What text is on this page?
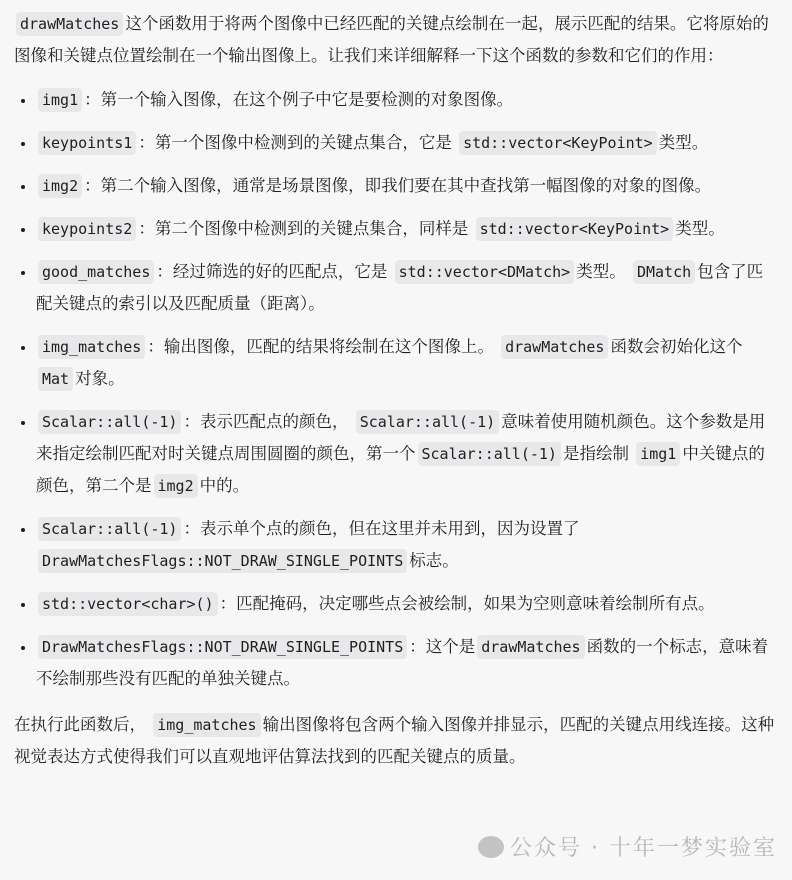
drawMatches 这个函数用于将两个图像中已经匹配的关键点绘制在一起，展示匹配的结果。它将原始的图像和关键点位置绘制在一个输出图像上。让我们来详细解释一下这个函数的参数和它们的作用：

• img1 ：第一个输入图像，在这个例子中它是要检测的对象图像。
• keypoints1 ：第一个图像中检测到的关键点集合，它是 std::vector<KeyPoint> 类型。
• img2 ：第二个输入图像，通常是场景图像，即我们要在其中查找第一幅图像的对象的图像。
• keypoints2 ：第二个图像中检测到的关键点集合，同样是 std::vector<KeyPoint> 类型。
• good_matches ：经过筛选的好的匹配点，它是 std::vector<DMatch> 类型。 DMatch 包含了匹配关键点的索引以及匹配质量（距离）。
• img_matches ：输出图像，匹配的结果将绘制在这个图像上。 drawMatches 函数会初始化这个Mat 对象。
• Scalar::all(-1) ：表示匹配点的颜色， Scalar::all(-1) 意味着使用随机颜色。这个参数是用来指定绘制匹配对时关键点周围圆圈的颜色，第一个 Scalar::all(-1) 是指绘制 img1 中关键点的颜色，第二个是 img2 中的。
• Scalar::all(-1) ：表示单个点的颜色，但在这里并未用到，因为设置了 DrawMatchesFlags::NOT_DRAW_SINGLE_POINTS 标志。
• std::vector<char>() ：匹配掩码，决定哪些点会被绘制，如果为空则意味着绘制所有点。
• DrawMatchesFlags::NOT_DRAW_SINGLE_POINTS ：这个是 drawMatches 函数的一个标志，意味着不绘制那些没有匹配的单独关键点。

在执行此函数后， img_matches 输出图像将包含两个输入图像并排显示，匹配的关键点用线连接。这种视觉表达方式使得我们可以直观地评估算法找到的匹配关键点的质量。

公众号 · 十年一梦实验室
